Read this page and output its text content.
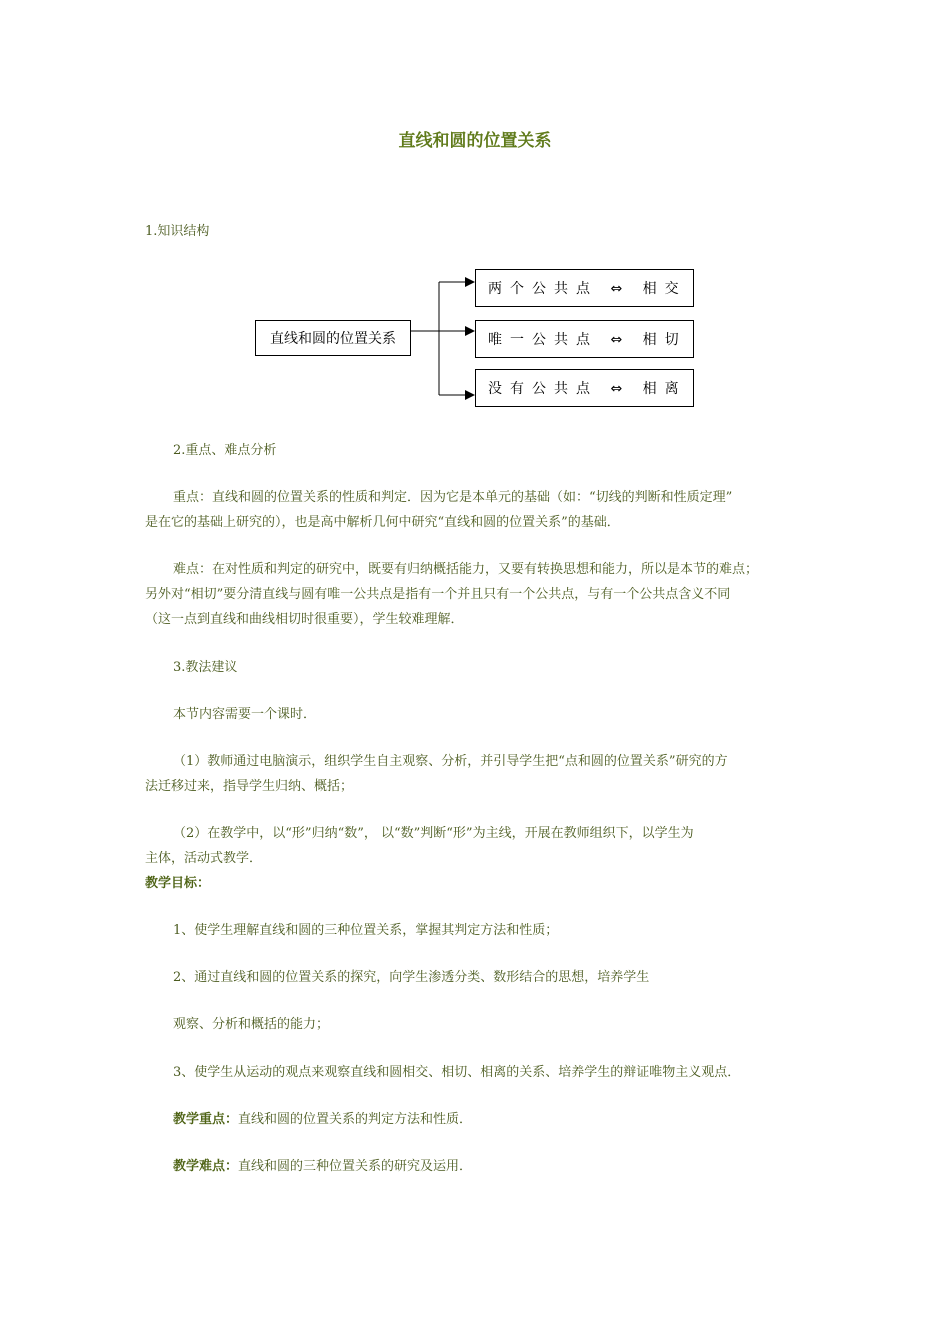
直线和圆的位置关系
1.知识结构
直线和圆的位置关系
两个公共点 ⇔ 相交
唯一公共点 ⇔ 相切
没有公共点 ⇔ 相离
2.重点、难点分析
重点：直线和圆的位置关系的性质和判定．因为它是本单元的基础（如：“切线的判断和性质定理”
是在它的基础上研究的），也是高中解析几何中研究“直线和圆的位置关系”的基础．
难点：在对性质和判定的研究中，既要有归纳概括能力，又要有转换思想和能力，所以是本节的难点；
另外对“相切”要分清直线与圆有唯一公共点是指有一个并且只有一个公共点，与有一个公共点含义不同
（这一点到直线和曲线相切时很重要），学生较难理解．
3.教法建议
本节内容需要一个课时．
（1）教师通过电脑演示，组织学生自主观察、分析，并引导学生把“点和圆的位置关系”研究的方
法迁移过来，指导学生归纳、概括；
（2）在教学中，以“形”归纳“数”， 以“数”判断“形”为主线，开展在教师组织下，以学生为
主体，活动式教学．
教学目标：
1、使学生理解直线和圆的三种位置关系，掌握其判定方法和性质；
2、通过直线和圆的位置关系的探究，向学生渗透分类、数形结合的思想，培养学生
观察、分析和概括的能力；
3、使学生从运动的观点来观察直线和圆相交、相切、相离的关系、培养学生的辩证唯物主义观点．
教学重点：直线和圆的位置关系的判定方法和性质．
教学难点：直线和圆的三种位置关系的研究及运用．
